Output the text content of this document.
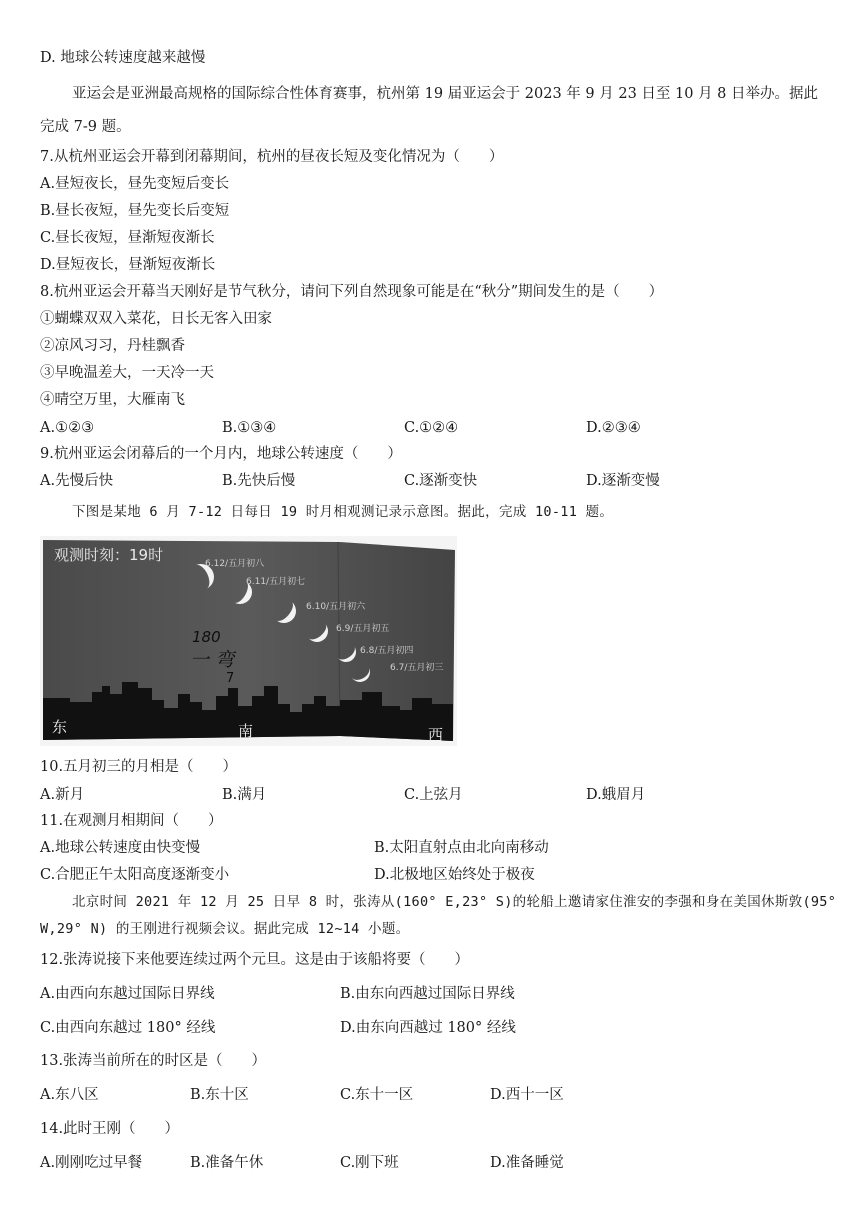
D. 地球公转速度越来越慢
亚运会是亚洲最高规格的国际综合性体育赛事，杭州第 19 届亚运会于 2023 年 9 月 23 日至 10 月 8 日举办。据此
完成 7-9 题。
7.从杭州亚运会开幕到闭幕期间，杭州的昼夜长短及变化情况为（　　）
A.昼短夜长，昼先变短后变长
B.昼长夜短，昼先变长后变短
C.昼长夜短，昼渐短夜渐长
D.昼短夜长，昼渐短夜渐长
8.杭州亚运会开幕当天刚好是节气秋分，请问下列自然现象可能是在“秋分”期间发生的是（　　）
①蝴蝶双双入菜花，日长无客入田家
②凉风习习，丹桂飘香
③早晚温差大，一天冷一天
④晴空万里，大雁南飞
A.①②③	B.①③④	C.①②④	D.②③④
9.杭州亚运会闭幕后的一个月内，地球公转速度（　　）
A.先慢后快	B.先快后慢	C.逐渐变快	D.逐渐变慢
下图是某地 6 月 7-12 日每日 19 时月相观测记录示意图。据此，完成 10-11 题。
观测时刻：19时	6.12/五月初八
6.11/五月初七
6.10/五月初六
6.9/五月初五
6.8/五月初四
6.7/五月初三
180
一 弯
7
东	南	西
10.五月初三的月相是（　　）
A.新月	B.满月	C.上弦月	D.蛾眉月
11.在观测月相期间（　　）
A.地球公转速度由快变慢	B.太阳直射点由北向南移动
C.合肥正午太阳高度逐渐变小	D.北极地区始终处于极夜
北京时间 2021 年 12 月 25 日早 8 时，张涛从(160° E,23° S)的轮船上邀请家住淮安的李强和身在美国休斯敦(95°
W,29° N) 的王刚进行视频会议。据此完成 12~14 小题。
12.张涛说接下来他要连续过两个元旦。这是由于该船将要（　　）
A.由西向东越过国际日界线	B.由东向西越过国际日界线
C.由西向东越过 180° 经线	D.由东向西越过 180° 经线
13.张涛当前所在的时区是（　　）
A.东八区	B.东十区	C.东十一区	D.西十一区
14.此时王刚（　　）
A.刚刚吃过早餐	B.准备午休	C.刚下班	D.准备睡觉
